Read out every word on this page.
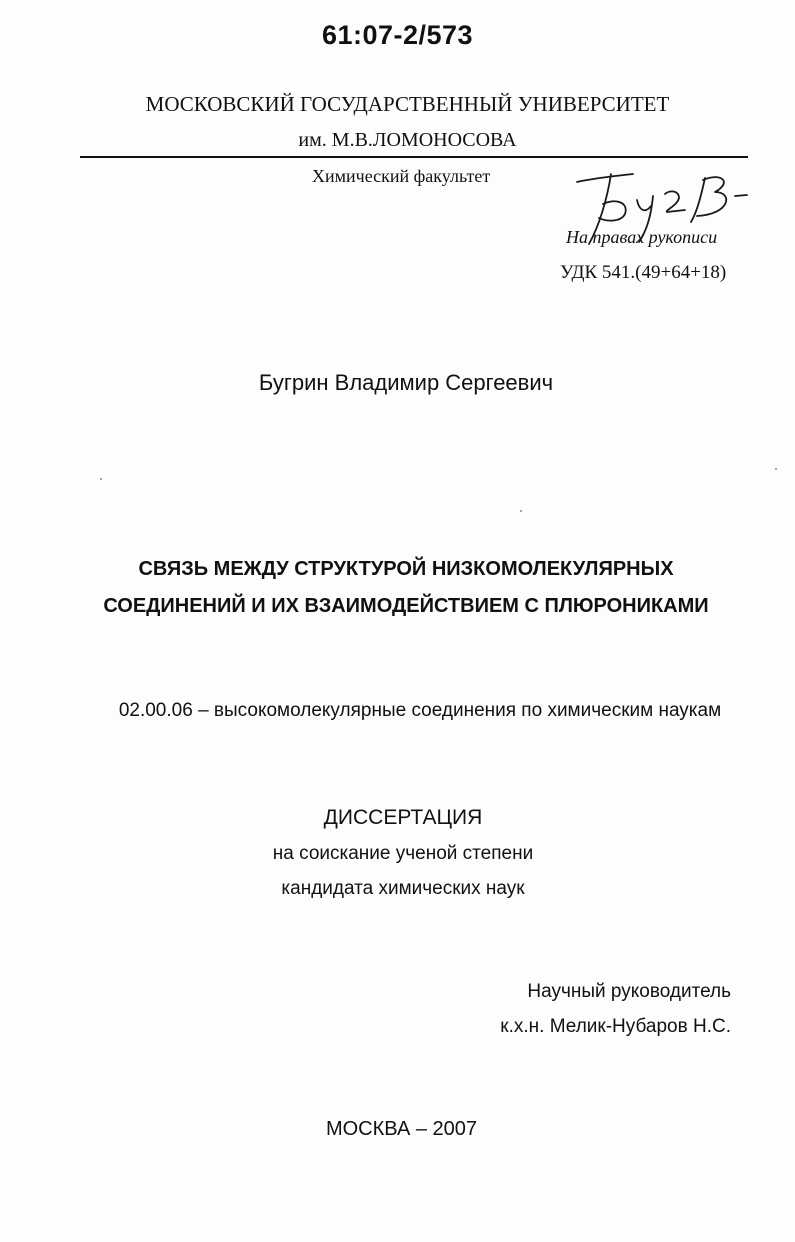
61:07-2/573
МОСКОВСКИЙ ГОСУДАРСТВЕННЫЙ УНИВЕРСИТЕТ
им. М.В.ЛОМОНОСОВА
Химический факультет
На правах рукописи
УДК 541.(49+64+18)
Бугрин Владимир Сергеевич
СВЯЗЬ МЕЖДУ СТРУКТУРОЙ НИЗКОМОЛЕКУЛЯРНЫХ
СОЕДИНЕНИЙ И ИХ ВЗАИМОДЕЙСТВИЕМ С ПЛЮРОНИКАМИ
02.00.06 – высокомолекулярные соединения по химическим наукам
ДИССЕРТАЦИЯ
на соискание ученой степени
кандидата химических наук
Научный руководитель
к.х.н. Мелик-Нубаров Н.С.
МОСКВА – 2007
